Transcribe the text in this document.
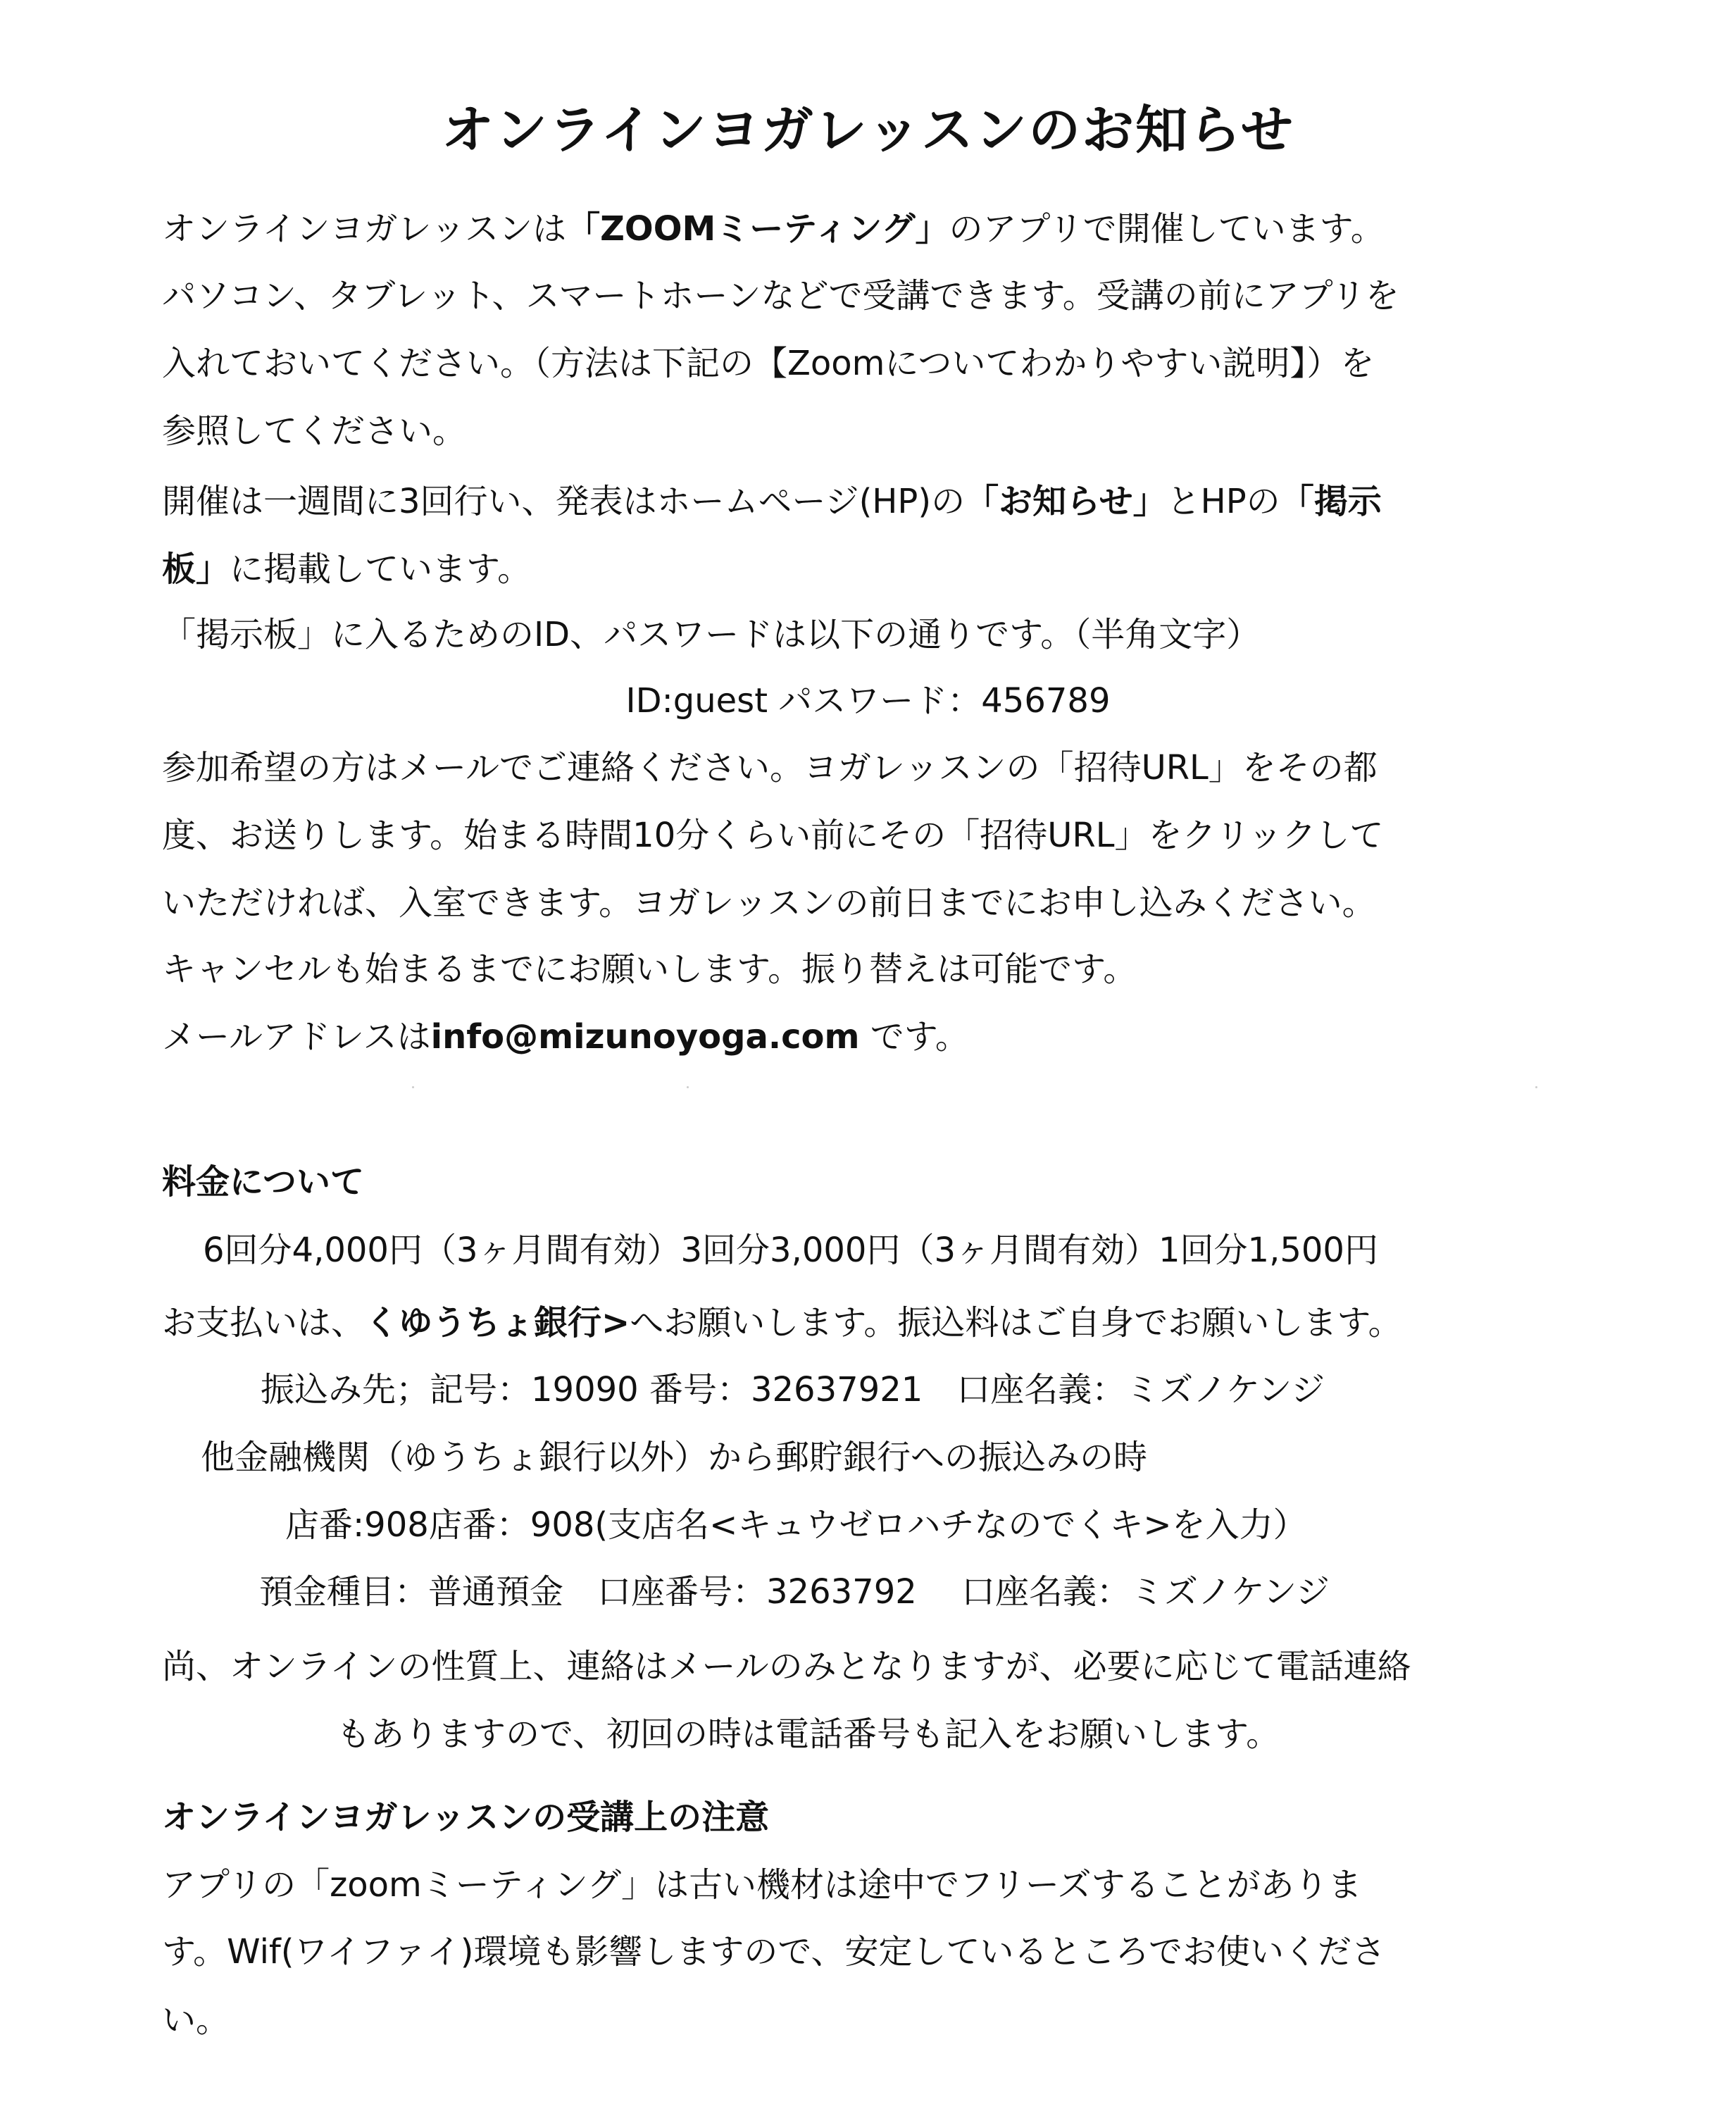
オンラインヨガレッスンのお知らせ
オンラインヨガレッスンは「ZOOMミーティング」のアプリで開催しています。
パソコン、タブレット、スマートホーンなどで受講できます。受講の前にアプリを
入れておいてください。（方法は下記の【Zoomについてわかりやすい説明】）を
参照してください。
開催は一週間に3回行い、発表はホームページ(HP)の「お知らせ」とHPの「掲示
板」に掲載しています。
「掲示板」に入るためのID、パスワードは以下の通りです。（半角文字）
ID:guest パスワード：456789
参加希望の方はメールでご連絡ください。ヨガレッスンの「招待URL」をその都
度、お送りします。始まる時間10分くらい前にその「招待URL」をクリックして
いただければ、入室できます。ヨガレッスンの前日までにお申し込みください。
キャンセルも始まるまでにお願いします。振り替えは可能です。
メールアドレスはinfo@mizunoyoga.com です。
料金について
6回分4,000円（3ヶ月間有効）3回分3,000円（3ヶ月間有効）1回分1,500円
お支払いは、くゆうちょ銀行>へお願いします。振込料はご自身でお願いします。
振込み先；記号：19090 番号：32637921　口座名義：ミズノケンジ
他金融機関（ゆうちょ銀行以外）から郵貯銀行への振込みの時
店番:908店番：908(支店名<キュウゼロハチなのでくキ>を入力）
預金種目：普通預金　口座番号：3263792　 口座名義：ミズノケンジ
尚、オンラインの性質上、連絡はメールのみとなりますが、必要に応じて電話連絡
もありますので、初回の時は電話番号も記入をお願いします。
オンラインヨガレッスンの受講上の注意
アプリの「zoomミーティング」は古い機材は途中でフリーズすることがありま
す。Wif(ワイファイ)環境も影響しますので、安定しているところでお使いくださ
い。
